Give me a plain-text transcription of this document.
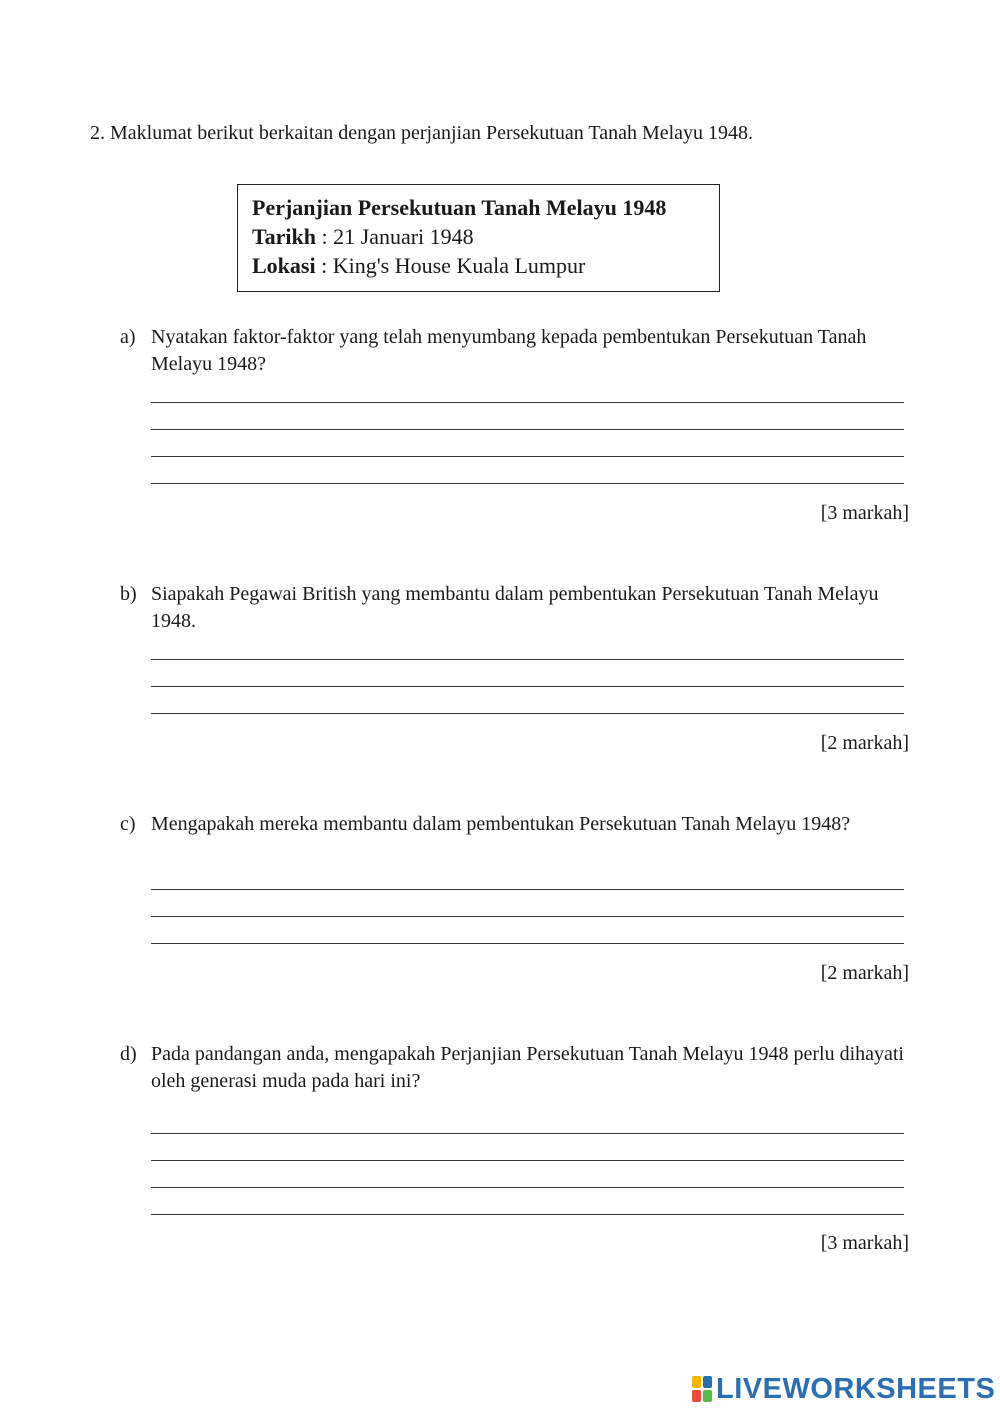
2. Maklumat berikut berkaitan dengan perjanjian Persekutuan Tanah Melayu 1948.
Perjanjian Persekutuan Tanah Melayu 1948
Tarikh : 21 Januari 1948
Lokasi : King's House Kuala Lumpur
a) Nyatakan faktor-faktor yang telah menyumbang kepada pembentukan Persekutuan Tanah Melayu 1948?
[3 markah]
b) Siapakah Pegawai British yang membantu dalam pembentukan Persekutuan Tanah Melayu 1948.
[2 markah]
c) Mengapakah mereka membantu dalam pembentukan Persekutuan Tanah Melayu 1948?
[2 markah]
d) Pada pandangan anda, mengapakah Perjanjian Persekutuan Tanah Melayu 1948 perlu dihayati oleh generasi muda pada hari ini?
[3 markah]
LIVEWORKSHEETS
